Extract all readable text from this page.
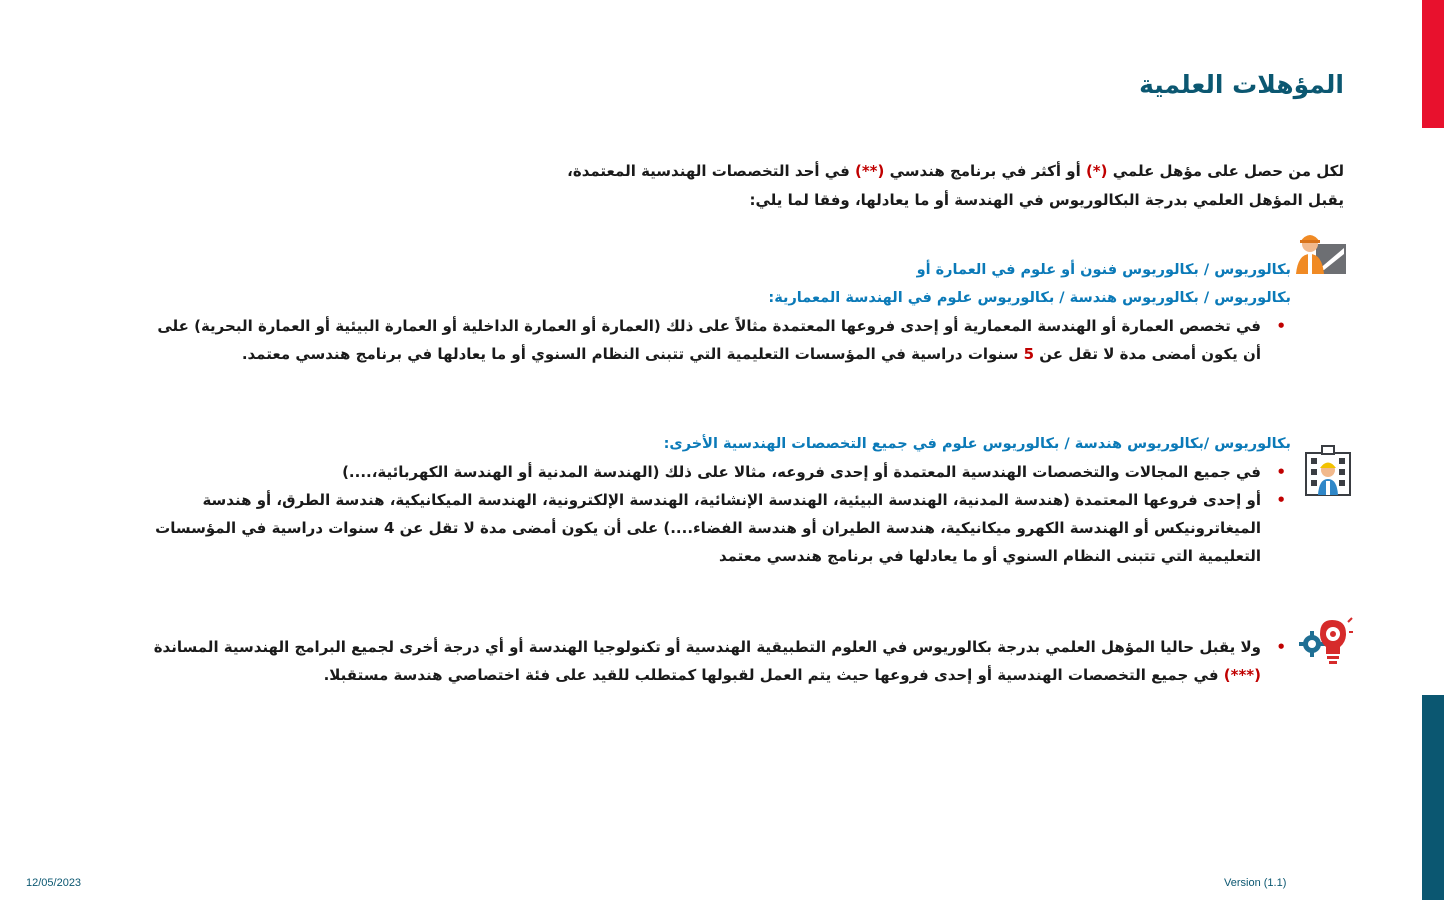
المؤهلات العلمية
لكل من حصل على مؤهل علمي (*) أو أكثر في برنامج هندسي (**) في أحد التخصصات الهندسية المعتمدة،
يقبل المؤهل العلمي بدرجة البكالوريوس في الهندسة أو ما يعادلها، وفقا لما يلي:
بكالوريوس / بكالوريوس فنون أو علوم في العمارة أو
بكالوريوس / بكالوريوس هندسة / بكالوريوس علوم في الهندسة المعمارية:
•
في تخصص العمارة أو الهندسة المعمارية أو إحدى فروعها المعتمدة مثالاً على ذلك (العمارة أو العمارة الداخلية أو العمارة البيئية أو العمارة البحرية) على أن يكون أمضى مدة لا تقل عن 5 سنوات دراسية في المؤسسات التعليمية التي تتبنى النظام السنوي أو ما يعادلها في برنامج هندسي معتمد.
بكالوريوس /بكالوريوس هندسة / بكالوريوس علوم في جميع التخصصات الهندسية الأخرى:
•
في جميع المجالات والتخصصات الهندسية المعتمدة أو إحدى فروعه، مثالا على ذلك (الهندسة المدنية أو الهندسة الكهربائية،....)
•
أو إحدى فروعها المعتمدة (هندسة المدنية، الهندسة البيئية، الهندسة الإنشائية، الهندسة الإلكترونية، الهندسة الميكانيكية، هندسة الطرق، أو هندسة الميغاترونيكس أو الهندسة الكهرو ميكانيكية، هندسة الطيران أو هندسة الفضاء....) على أن يكون أمضى مدة لا تقل عن 4 سنوات دراسية في المؤسسات التعليمية التي تتبنى النظام السنوي أو ما يعادلها في برنامج هندسي معتمد
•
ولا يقبل حاليا المؤهل العلمي بدرجة بكالوريوس في العلوم التطبيقية الهندسية أو تكنولوجيا الهندسة أو أي درجة أخرى لجميع البرامج الهندسية المساندة (***) في جميع التخصصات الهندسية أو إحدى فروعها حيث يتم العمل لقبولها كمتطلب للقيد على فئة اختصاصي هندسة مستقبلا.
12/05/2023	Version (1.1)
